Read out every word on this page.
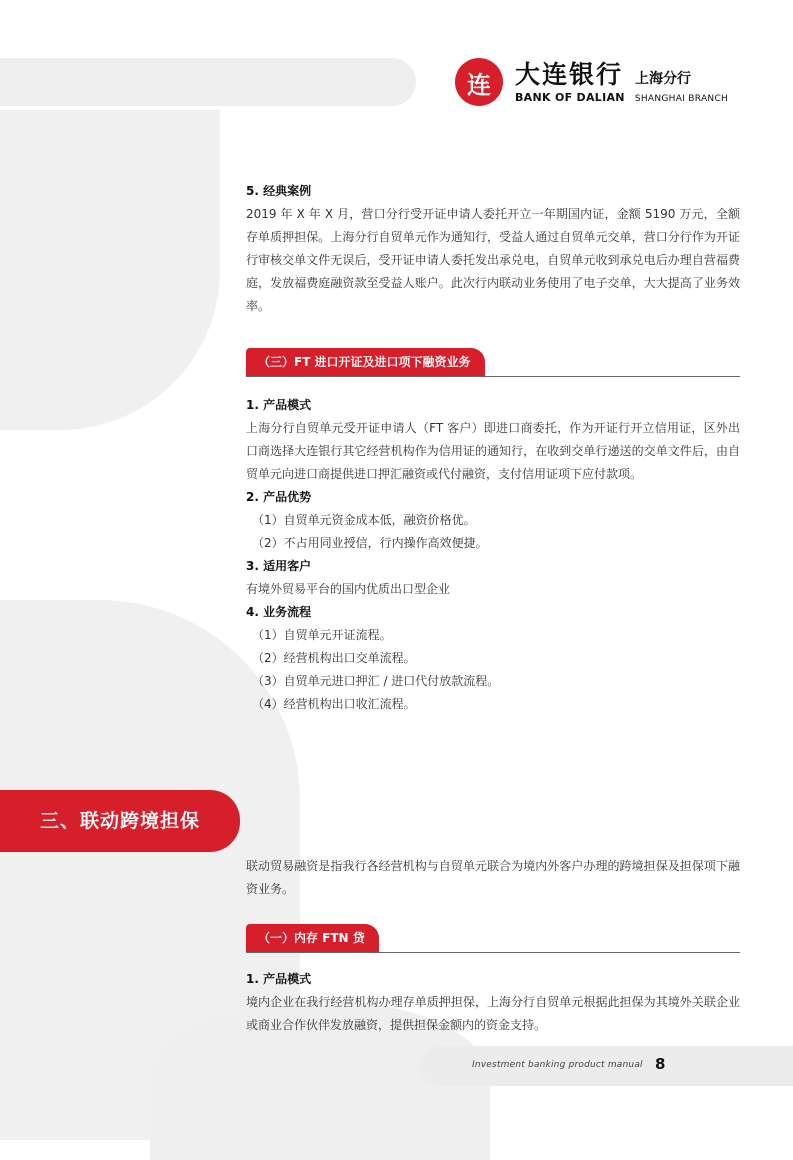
连 大连银行 上海分行
BANK OF DALIAN SHANGHAI BRANCH

5. 经典案例

2019 年 X 年 X 月，营口分行受开证申请人委托开立一年期国内证，金额 5190 万元，全额存单质押担保。上海分行自贸单元作为通知行，受益人通过自贸单元交单，营口分行作为开证行审核交单文件无误后，受开证申请人委托发出承兑电，自贸单元收到承兑电后办理自营福费庭，发放福费庭融资款至受益人账户。此次行内联动业务使用了电子交单，大大提高了业务效率。

（三）FT 进口开证及进口项下融资业务

1. 产品模式

上海分行自贸单元受开证申请人（FT 客户）即进口商委托，作为开证行开立信用证，区外出口商选择大连银行其它经营机构作为信用证的通知行，在收到交单行递送的交单文件后，由自贸单元向进口商提供进口押汇融资或代付融资，支付信用证项下应付款项。

2. 产品优势

（1）自贸单元资金成本低，融资价格优。

（2）不占用同业授信，行内操作高效便捷。

3. 适用客户

有境外贸易平台的国内优质出口型企业

4. 业务流程

（1）自贸单元开证流程。

（2）经营机构出口交单流程。

（3）自贸单元进口押汇 / 进口代付放款流程。

（4）经营机构出口收汇流程。

三、联动跨境担保

联动贸易融资是指我行各经营机构与自贸单元联合为境内外客户办理的跨境担保及担保项下融资业务。

（一）内存 FTN 贷

1. 产品模式

境内企业在我行经营机构办理存单质押担保，上海分行自贸单元根据此担保为其境外关联企业或商业合作伙伴发放融资，提供担保金额内的资金支持。

Investment banking product manual 8
